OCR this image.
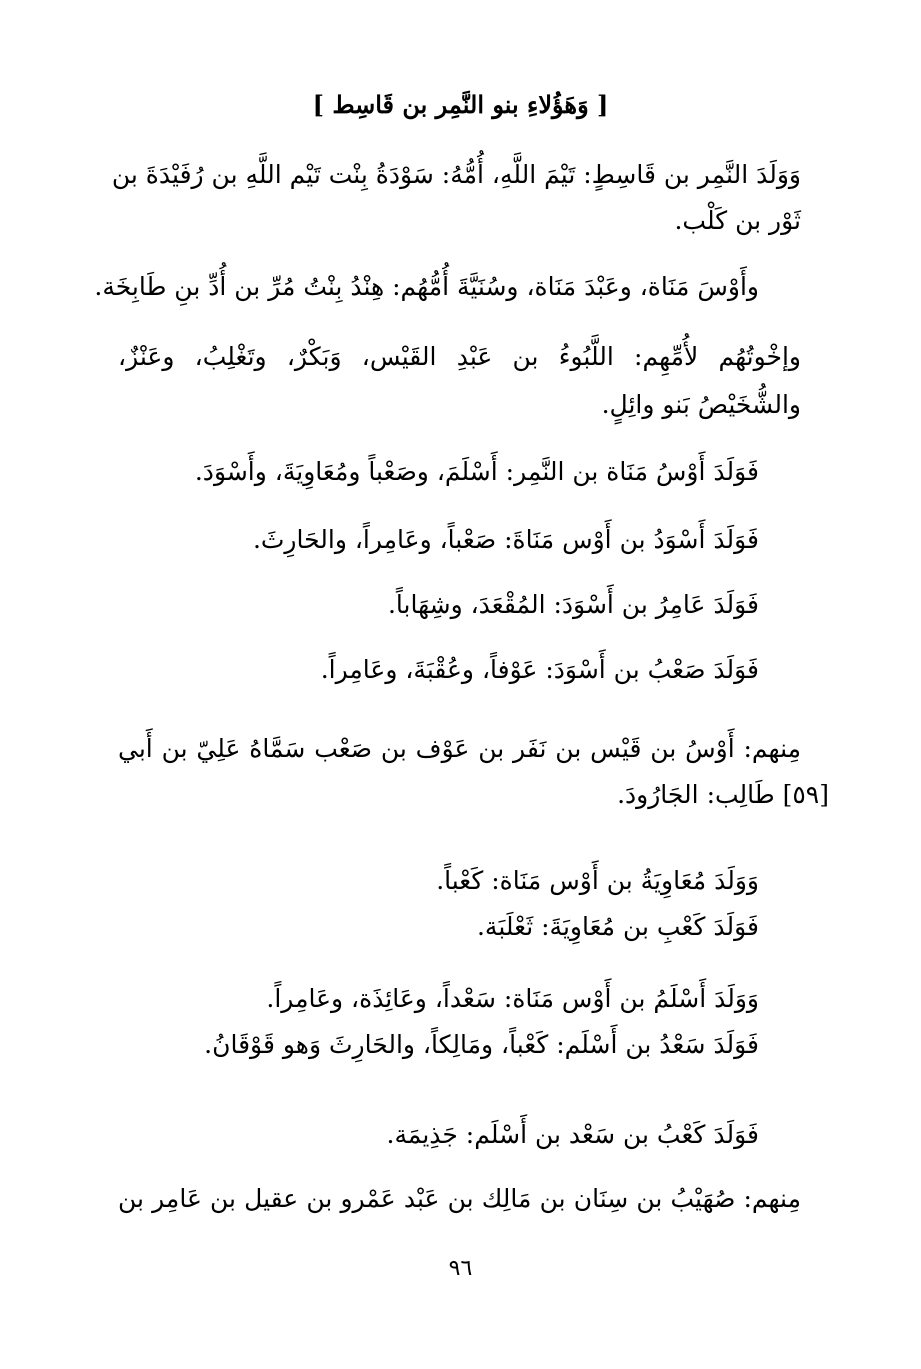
[ وَهَؤُلاءِ بنو النَّمِر بن قَاسِط ]
وَوَلَدَ النَّمِر بن قَاسِطٍ: تَيْمَ اللَّهِ، أُمُّهُ: سَوْدَةُ بِنْت تَيْم اللَّهِ بن رُفَيْدَةَ بن
ثَوْر بن كَلْب.
وأَوْسَ مَنَاة، وعَبْدَ مَنَاة، وسُنَيَّةَ أُمُّهُم: هِنْدُ بِنْتُ مُرِّ بن أُدِّ بنِ طَابِخَة.
وإخْوتُهُم لأُمِّهِم: اللَّبُوءُ بن عَبْدِ القَيْس، وَبَكْرٌ، وتَغْلِبُ، وعَنْزٌ،
والشُّخَيْصُ بَنو وائِلٍ.
فَوَلَدَ أَوْسُ مَنَاة بن النَّمِر: أَسْلَمَ، وصَعْباً ومُعَاوِيَةَ، وأَسْوَدَ.
فَوَلَدَ أَسْوَدُ بن أَوْس مَنَاةَ: صَعْباً، وعَامِراً، والحَارِثَ.
فَوَلَدَ عَامِرُ بن أَسْوَدَ: المُقْعَدَ، وشِهَاباً.
فَوَلَدَ صَعْبُ بن أَسْوَدَ: عَوْفاً، وعُقْبَةَ، وعَامِراً.
مِنهم: أَوْسُ بن قَيْس بن نَفَر بن عَوْف بن صَعْب سَمَّاهُ عَلِيّ بن أَبي
[٥٩] طَالِب: الجَارُودَ.
وَوَلَدَ مُعَاوِيَةُ بن أَوْس مَنَاة: كَعْباً.
فَوَلَدَ كَعْبِ بن مُعَاوِيَةَ: ثَعْلَبَة.
وَوَلَدَ أَسْلَمُ بن أَوْس مَنَاة: سَعْداً، وعَائِذَة، وعَامِراً.
فَوَلَدَ سَعْدُ بن أَسْلَم: كَعْباً، ومَالِكاً، والحَارِثَ وَهو قَوْقَانُ.
فَوَلَدَ كَعْبُ بن سَعْد بن أَسْلَم: جَذِيمَة.
مِنهم: صُهَيْبُ بن سِنَان بن مَالِك بن عَبْد عَمْرو بن عقيل بن عَامِر بن
٩٦
